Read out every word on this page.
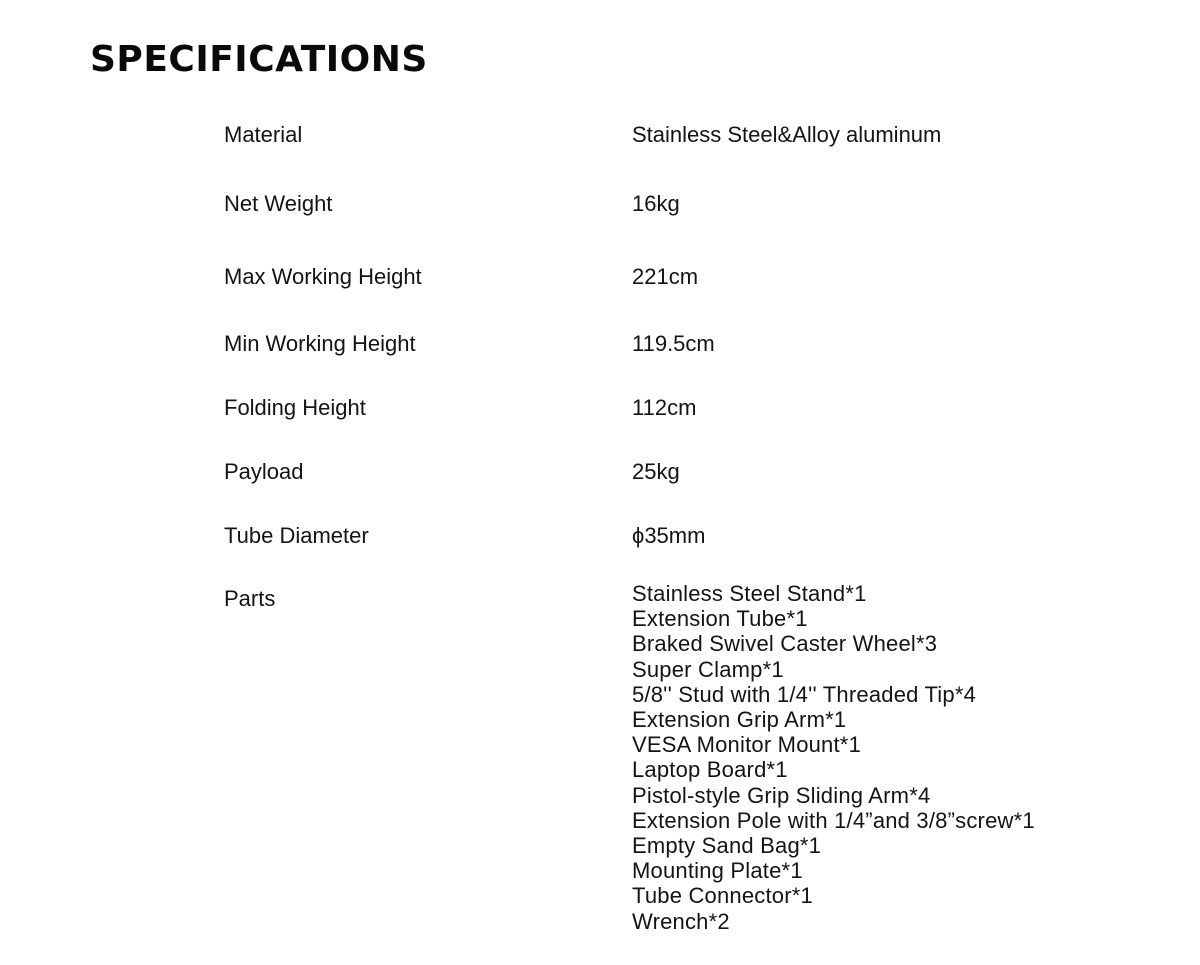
SPECIFICATIONS
Material	Stainless Steel&Alloy aluminum
Net Weight	16kg
Max Working Height	221cm
Min Working Height	119.5cm
Folding Height	112cm
Payload	25kg
Tube Diameter	ϕ35mm
Parts	Stainless Steel Stand*1
Extension Tube*1
Braked Swivel Caster Wheel*3
Super Clamp*1
5/8'' Stud with 1/4'' Threaded Tip*4
Extension Grip Arm*1
VESA Monitor Mount*1
Laptop Board*1
Pistol-style Grip Sliding Arm*4
Extension Pole with 1/4”and 3/8”screw*1
Empty Sand Bag*1
Mounting Plate*1
Tube Connector*1
Wrench*2
